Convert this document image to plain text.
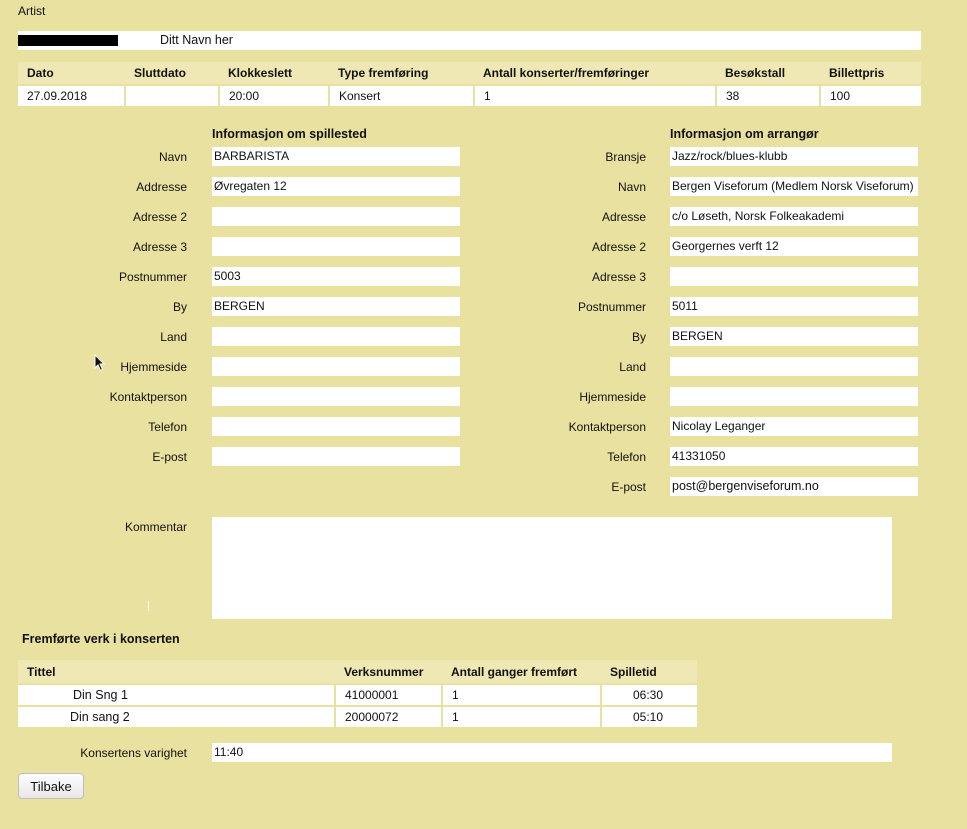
Artist
Ditt Navn her
Dato	Sluttdato	Klokkeslett	Type fremføring	Antall konserter/fremføringer	Besøkstall	Billettpris
27.09.2018		20:00	Konsert	1	38	100
Informasjon om spillested	Informasjon om arrangør
Navn BARBARISTA
Addresse Øvregaten 12
Adresse 2
Adresse 3
Postnummer 5003
By BERGEN
Land
Hjemmeside
Kontaktperson
Telefon
E-post
Bransje Jazz/rock/blues-klubb
Navn Bergen Viseforum (Medlem Norsk Viseforum)
Adresse c/o Løseth, Norsk Folkeakademi
Adresse 2 Georgernes verft 12
Adresse 3
Postnummer 5011
By BERGEN
Land
Hjemmeside
Kontaktperson Nicolay Leganger
Telefon 41331050
E-post post@bergenviseforum.no
Kommentar
Fremførte verk i konserten
Tittel	Verksnummer	Antall ganger fremført	Spilletid
Din Sng 1	41000001	1	06:30
Din sang 2	20000072	1	05:10
Konsertens varighet 11:40
Tilbake
